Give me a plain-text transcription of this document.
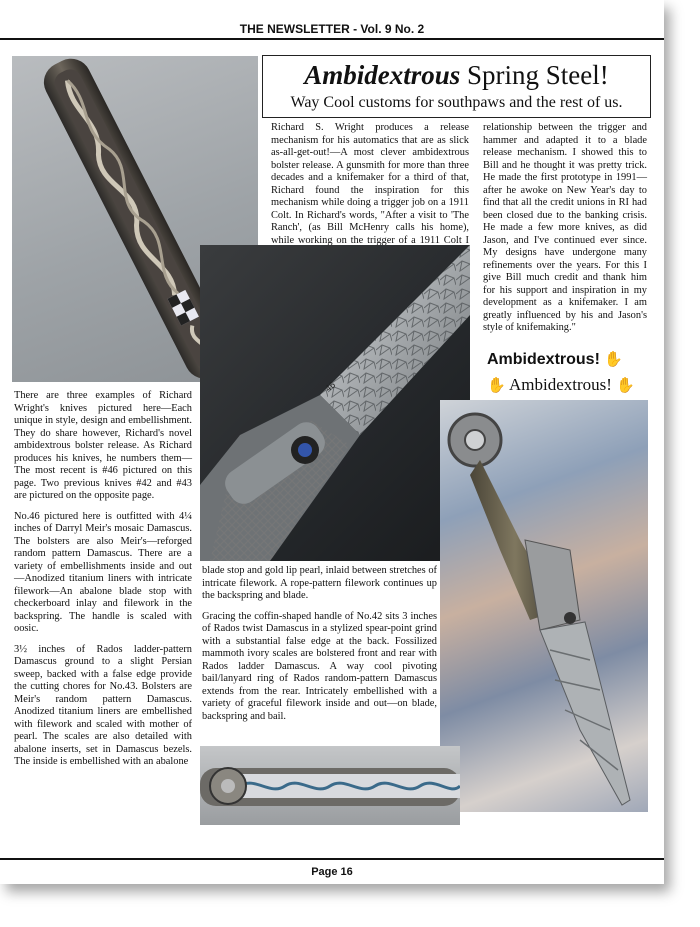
THE NEWSLETTER - Vol. 9 No. 2
Ambidextrous Spring Steel!
Way Cool customs for southpaws and the rest of us.
Richard S. Wright produces a release mechanism for his automatics that are as slick as-all-get-out!—A most clever ambidextrous bolster release. A gunsmith for more than three decades and a knifemaker for a third of that, Richard found the inspiration for this mechanism while doing a trigger job on a 1911 Colt. In Richard's words, "After a visit to 'The Ranch', (as Bill McHenry calls his home), while working on the trigger of a 1911 Colt I
relationship between the trigger and hammer and adapted it to a blade release mechanism. I showed this to Bill and he thought it was pretty trick. He made the first prototype in 1991—after he awoke on New Year's day to find that all the credit unions in RI had been closed due to the banking crisis. He made a few more knives, as did Jason, and I've continued ever since. My designs have undergone many refinements over the years. For this I give Bill much credit and thank him for his support and inspiration in my development as a knifemaker. I am greatly influenced by his and Jason's style of knifemaking."
Ambidextrous! ✋
✋ Ambidextrous! ✋
46

There are three examples of Richard Wright's knives pictured here—Each unique in style, design and embellishment. They do share however, Richard's novel ambidextrous bolster release. As Richard produces his knives, he numbers them—The most recent is #46 pictured on this page. Two previous knives #42 and #43 are pictured on the opposite page.

No.46 pictured here is outfitted with 4¼ inches of Darryl Meir's mosaic Damascus. The bolsters are also Meir's—reforged random pattern Damascus. There are a variety of embellishments inside and out—Anodized titanium liners with intricate filework—An abalone blade stop with checkerboard inlay and filework in the backspring. The handle is scaled with oosic.

3½ inches of Rados ladder-pattern Damascus ground to a slight Persian sweep, backed with a false edge provide the cutting chores for No.43. Bolsters are Meir's random pattern Damascus. Anodized titanium liners are embellished with filework and scaled with mother of pearl. The scales are also detailed with abalone inserts, set in Damascus bezels. The inside is embellished with an abalone

blade stop and gold lip pearl, inlaid between stretches of intricate filework. A rope-pattern filework continues up the backspring and blade.

Gracing the coffin-shaped handle of No.42 sits 3 inches of Rados twist Damascus in a stylized spear-point grind with a substantial false edge at the back. Fossilized mammoth ivory scales are bolstered front and rear with Rados ladder Damascus. A way cool pivoting bail/lanyard ring of Rados random-pattern Damascus extends from the rear. Intricately embellished with a variety of graceful filework inside and out—on blade, backspring and bail.

Page 16
